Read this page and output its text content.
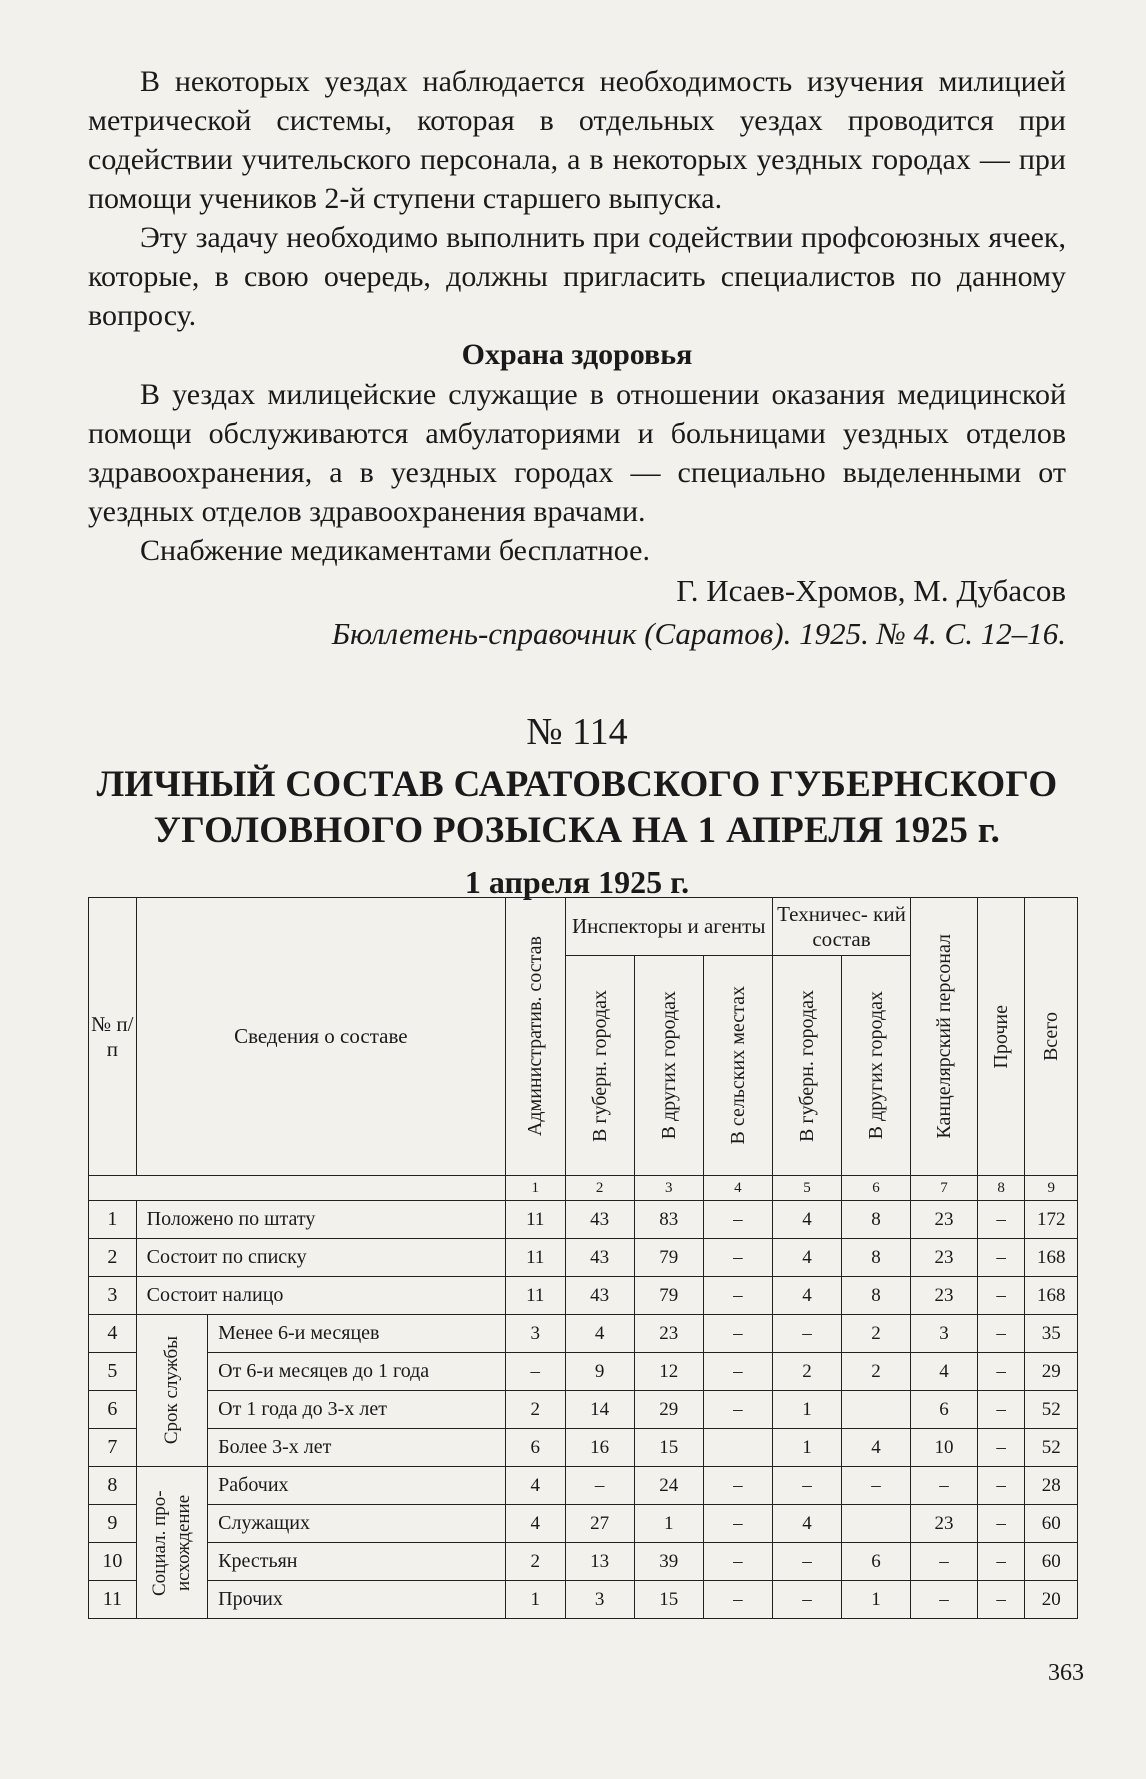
В некоторых уездах наблюдается необходимость изучения милицией метрической системы, которая в отдельных уездах проводится при содействии учительского персонала, а в некоторых уездных городах — при помощи учеников 2-й ступени старшего выпуска.

Эту задачу необходимо выполнить при содействии профсоюзных ячеек, которые, в свою очередь, должны пригласить специалистов по данному вопросу.

Охрана здоровья

В уездах милицейские служащие в отношении оказания медицинской помощи обслуживаются амбулаториями и больницами уездных отделов здравоохранения, а в уездных городах — специально выделенными от уездных отделов здравоохранения врачами.

Снабжение медикаментами бесплатное.

Г. Исаев-Хромов, М. Дубасов

Бюллетень-справочник (Саратов). 1925. № 4. С. 12–16.

№ 114

ЛИЧНЫЙ СОСТАВ САРАТОВСКОГО ГУБЕРНСКОГО

УГОЛОВНОГО РОЗЫСКА НА 1 АПРЕЛЯ 1925 г.

1 апреля 1925 г.

№ п/п	Сведения о составе		Административ. состав	Инспекторы и агенты			Техничес- кий состав		Канцелярский персонал	Прочие	Всего

				В губерн. городах	В других городах	В сельских местах	В губерн. городах	В других городах			

			1	2	3	4	5	6	7	8	9
1	Положено по штату		11	43	83	–	4	8	23	–	172
2	Состоит по списку		11	43	79	–	4	8	23	–	168
3	Состоит налицо		11	43	79	–	4	8	23	–	168
4	Срок службы	Менее 6-и месяцев	3	4	23	–	–	2	3	–	35
5		От 6-и месяцев до 1 года	–	9	12	–	2	2	4	–	29
6		От 1 года до 3-х лет	2	14	29	–	1		6	–	52
7		Более 3-х лет	6	16	15		1	4	10	–	52
8	Социал. про- исхождение	Рабочих	4	–	24	–	–	–	–	–	28
9		Служащих	4	27	1	–	4		23	–	60
10		Крестьян	2	13	39	–	–	6	–	–	60
11		Прочих	1	3	15	–	–	1	–	–	20
363
